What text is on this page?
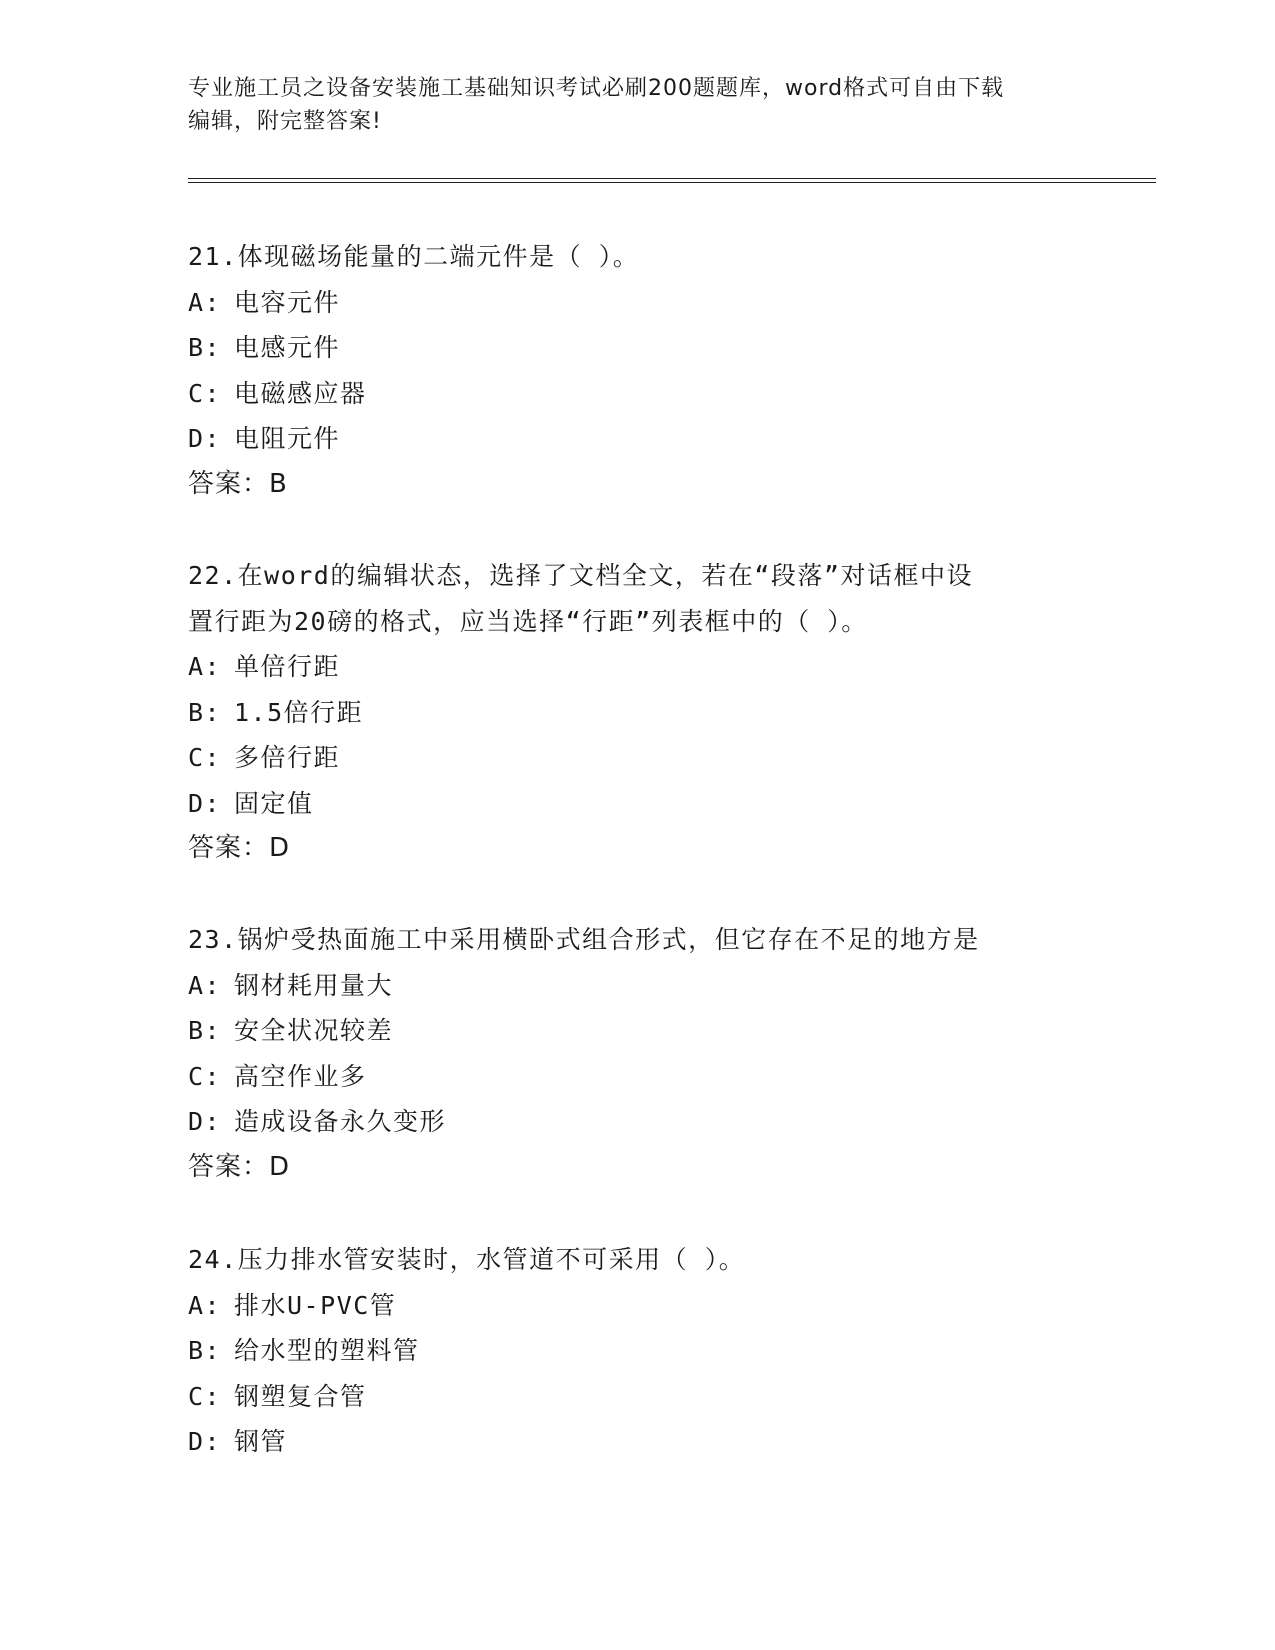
专业施工员之设备安装施工基础知识考试必刷200题题库，word格式可自由下载
编辑，附完整答案!
21.体现磁场能量的二端元件是（ ）。
A: 电容元件
B: 电感元件
C: 电磁感应器
D: 电阻元件
答案：B
22.在word的编辑状态，选择了文档全文，若在“段落”对话框中设
置行距为20磅的格式，应当选择“行距”列表框中的（ ）。
A: 单倍行距
B: 1.5倍行距
C: 多倍行距
D: 固定值
答案：D
23.锅炉受热面施工中采用横卧式组合形式，但它存在不足的地方是
A: 钢材耗用量大
B: 安全状况较差
C: 高空作业多
D: 造成设备永久变形
答案：D
24.压力排水管安装时，水管道不可采用（ ）。
A: 排水U-PVC管
B: 给水型的塑料管
C: 钢塑复合管
D: 钢管
